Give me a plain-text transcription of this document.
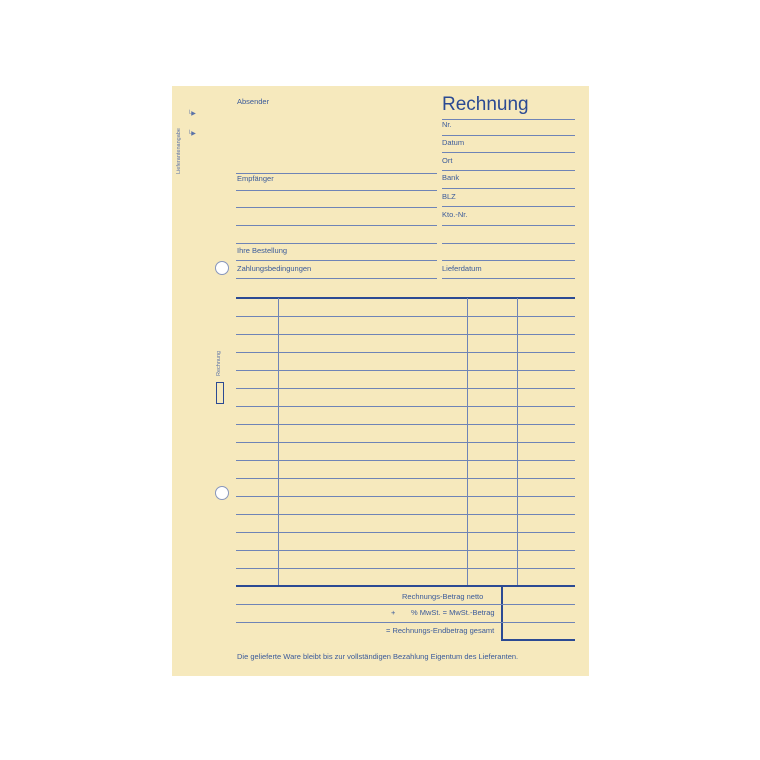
Lieferantenangabe
└▶
└▶
Rechnung
Rechnung
Absender
Empfänger
Ihre Bestellung
Zahlungsbedingungen
Nr.
Datum
Ort
Bank
BLZ
Kto.-Nr.
Lieferdatum
Rechnungs-Betrag netto
+ % MwSt. = MwSt.-Betrag
= Rechnungs-Endbetrag gesamt
Die gelieferte Ware bleibt bis zur vollständigen Bezahlung Eigentum des Lieferanten.
